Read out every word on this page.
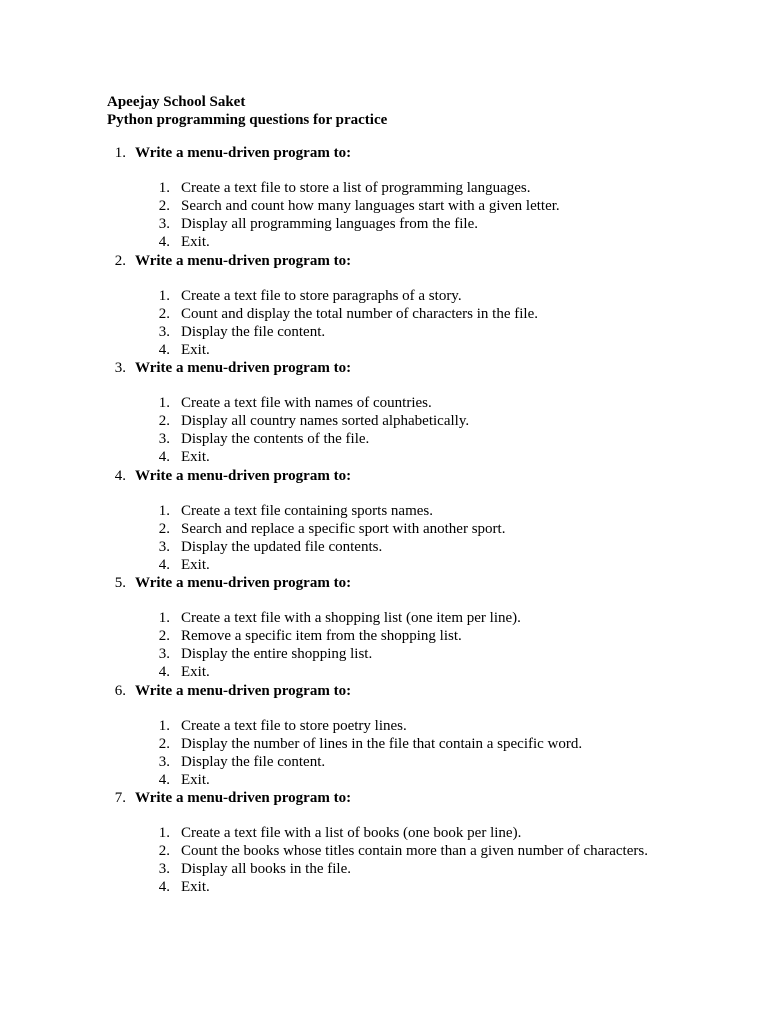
Apeejay School Saket
Python programming questions for practice
1. Write a menu-driven program to:
1. Create a text file to store a list of programming languages.
2. Search and count how many languages start with a given letter.
3. Display all programming languages from the file.
4. Exit.
2. Write a menu-driven program to:
1. Create a text file to store paragraphs of a story.
2. Count and display the total number of characters in the file.
3. Display the file content.
4. Exit.
3. Write a menu-driven program to:
1. Create a text file with names of countries.
2. Display all country names sorted alphabetically.
3. Display the contents of the file.
4. Exit.
4. Write a menu-driven program to:
1. Create a text file containing sports names.
2. Search and replace a specific sport with another sport.
3. Display the updated file contents.
4. Exit.
5. Write a menu-driven program to:
1. Create a text file with a shopping list (one item per line).
2. Remove a specific item from the shopping list.
3. Display the entire shopping list.
4. Exit.
6. Write a menu-driven program to:
1. Create a text file to store poetry lines.
2. Display the number of lines in the file that contain a specific word.
3. Display the file content.
4. Exit.
7. Write a menu-driven program to:
1. Create a text file with a list of books (one book per line).
2. Count the books whose titles contain more than a given number of characters.
3. Display all books in the file.
4. Exit.
